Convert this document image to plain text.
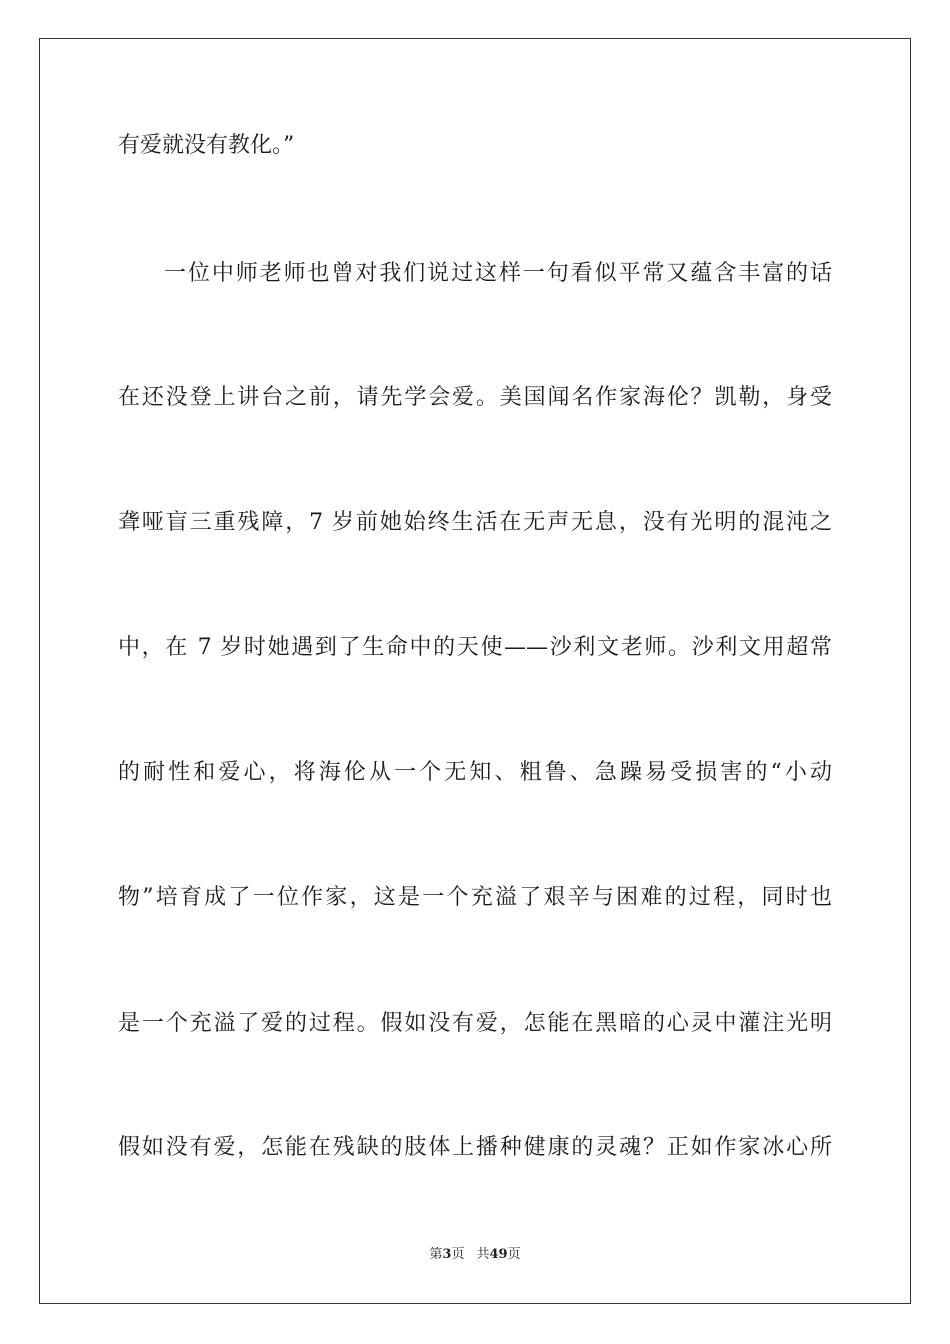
有爱就没有教化。”
一位中师老师也曾对我们说过这样一句看似平常又蕴含丰富的话
在还没登上讲台之前，请先学会爱。美国闻名作家海伦？凯勒，身受
聋哑盲三重残障，7 岁前她始终生活在无声无息，没有光明的混沌之
中，在 7 岁时她遇到了生命中的天使——沙利文老师。沙利文用超常
的耐性和爱心，将海伦从一个无知、粗鲁、急躁易受损害的“小动
物”培育成了一位作家，这是一个充溢了艰辛与困难的过程，同时也
是一个充溢了爱的过程。假如没有爱，怎能在黑暗的心灵中灌注光明
假如没有爱，怎能在残缺的肢体上播种健康的灵魂？正如作家冰心所
第3页 共49页
